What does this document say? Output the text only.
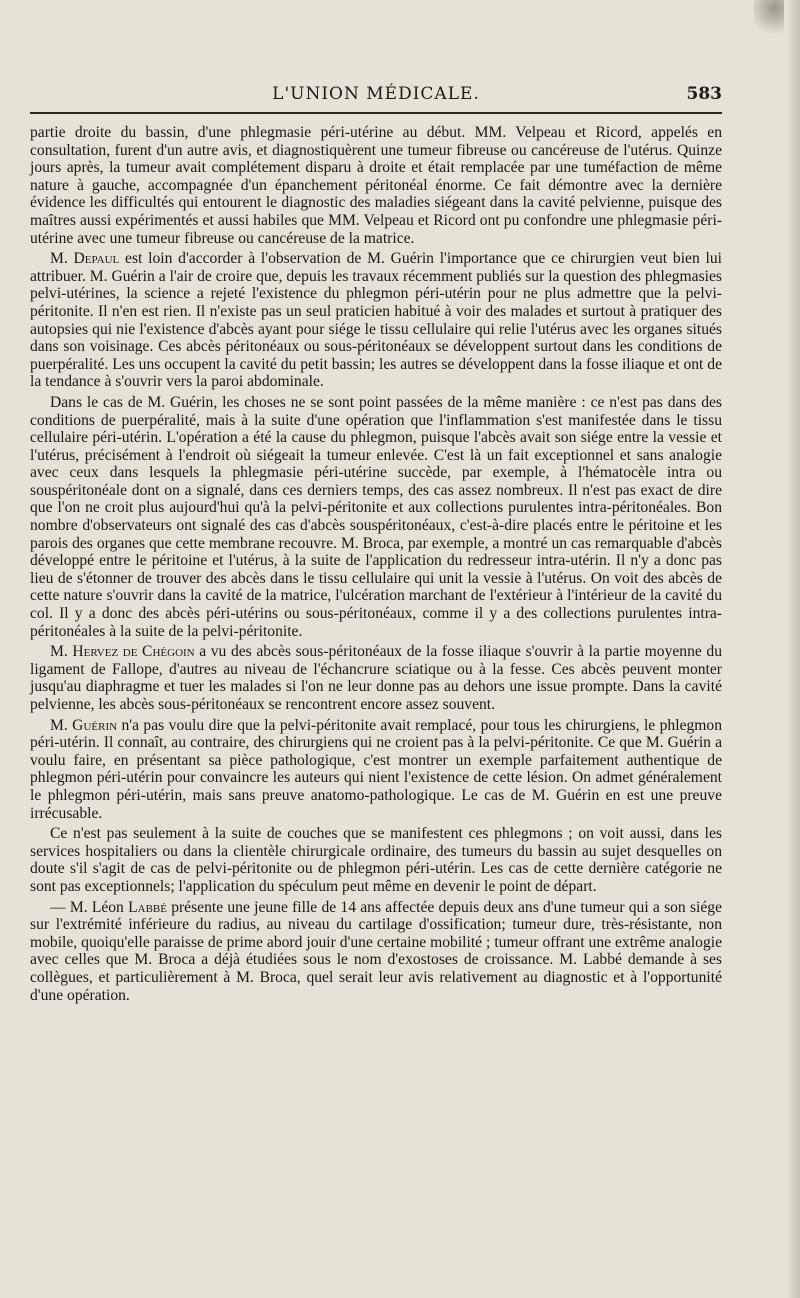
L'UNION MÉDICALE.	583

partie droite du bassin, d'une phlegmasie péri-utérine au début. MM. Velpeau et Ricord, appelés en consultation, furent d'un autre avis, et diagnostiquèrent une tumeur fibreuse ou cancéreuse de l'utérus. Quinze jours après, la tumeur avait complétement disparu à droite et était remplacée par une tuméfaction de même nature à gauche, accompagnée d'un épanchement péritonéal énorme. Ce fait démontre avec la dernière évidence les difficultés qui entourent le diagnostic des maladies siégeant dans la cavité pelvienne, puisque des maîtres aussi expérimentés et aussi habiles que MM. Velpeau et Ricord ont pu confondre une phlegmasie péri-utérine avec une tumeur fibreuse ou cancéreuse de la matrice.

M. Depaul est loin d'accorder à l'observation de M. Guérin l'importance que ce chirurgien veut bien lui attribuer. M. Guérin a l'air de croire que, depuis les travaux récemment publiés sur la question des phlegmasies pelvi-utérines, la science a rejeté l'existence du phlegmon péri-utérin pour ne plus admettre que la pelvi-péritonite. Il n'en est rien. Il n'existe pas un seul praticien habitué à voir des malades et surtout à pratiquer des autopsies qui nie l'existence d'abcès ayant pour siége le tissu cellulaire qui relie l'utérus avec les organes situés dans son voisinage. Ces abcès péritonéaux ou sous-péritonéaux se développent surtout dans les conditions de puerpéralité. Les uns occupent la cavité du petit bassin; les autres se développent dans la fosse iliaque et ont de la tendance à s'ouvrir vers la paroi abdominale.

Dans le cas de M. Guérin, les choses ne se sont point passées de la même manière : ce n'est pas dans des conditions de puerpéralité, mais à la suite d'une opération que l'inflammation s'est manifestée dans le tissu cellulaire péri-utérin. L'opération a été la cause du phlegmon, puisque l'abcès avait son siége entre la vessie et l'utérus, précisément à l'endroit où siégeait la tumeur enlevée. C'est là un fait exceptionnel et sans analogie avec ceux dans lesquels la phlegmasie péri-utérine succède, par exemple, à l'hématocèle intra ou souspéritonéale dont on a signalé, dans ces derniers temps, des cas assez nombreux. Il n'est pas exact de dire que l'on ne croit plus aujourd'hui qu'à la pelvi-péritonite et aux collections purulentes intra-péritonéales. Bon nombre d'observateurs ont signalé des cas d'abcès souspéritonéaux, c'est-à-dire placés entre le péritoine et les parois des organes que cette membrane recouvre. M. Broca, par exemple, a montré un cas remarquable d'abcès développé entre le péritoine et l'utérus, à la suite de l'application du redresseur intra-utérin. Il n'y a donc pas lieu de s'étonner de trouver des abcès dans le tissu cellulaire qui unit la vessie à l'utérus. On voit des abcès de cette nature s'ouvrir dans la cavité de la matrice, l'ulcération marchant de l'extérieur à l'intérieur de la cavité du col. Il y a donc des abcès péri-utérins ou sous-péritonéaux, comme il y a des collections purulentes intra-péritonéales à la suite de la pelvi-péritonite.

M. Hervez de Chégoin a vu des abcès sous-péritonéaux de la fosse iliaque s'ouvrir à la partie moyenne du ligament de Fallope, d'autres au niveau de l'échancrure sciatique ou à la fesse. Ces abcès peuvent monter jusqu'au diaphragme et tuer les malades si l'on ne leur donne pas au dehors une issue prompte. Dans la cavité pelvienne, les abcès sous-péritonéaux se rencontrent encore assez souvent.

M. Guérin n'a pas voulu dire que la pelvi-péritonite avait remplacé, pour tous les chirurgiens, le phlegmon péri-utérin. Il connaît, au contraire, des chirurgiens qui ne croient pas à la pelvi-péritonite. Ce que M. Guérin a voulu faire, en présentant sa pièce pathologique, c'est montrer un exemple parfaitement authentique de phlegmon péri-utérin pour convaincre les auteurs qui nient l'existence de cette lésion. On admet généralement le phlegmon péri-utérin, mais sans preuve anatomo-pathologique. Le cas de M. Guérin en est une preuve irrécusable.

Ce n'est pas seulement à la suite de couches que se manifestent ces phlegmons ; on voit aussi, dans les services hospitaliers ou dans la clientèle chirurgicale ordinaire, des tumeurs du bassin au sujet desquelles on doute s'il s'agit de cas de pelvi-péritonite ou de phlegmon péri-utérin. Les cas de cette dernière catégorie ne sont pas exceptionnels; l'application du spéculum peut même en devenir le point de départ.

— M. Léon Labbé présente une jeune fille de 14 ans affectée depuis deux ans d'une tumeur qui a son siége sur l'extrémité inférieure du radius, au niveau du cartilage d'ossification; tumeur dure, très-résistante, non mobile, quoiqu'elle paraisse de prime abord jouir d'une certaine mobilité ; tumeur offrant une extrême analogie avec celles que M. Broca a déjà étudiées sous le nom d'exostoses de croissance. M. Labbé demande à ses collègues, et particulièrement à M. Broca, quel serait leur avis relativement au diagnostic et à l'opportunité d'une opération.
